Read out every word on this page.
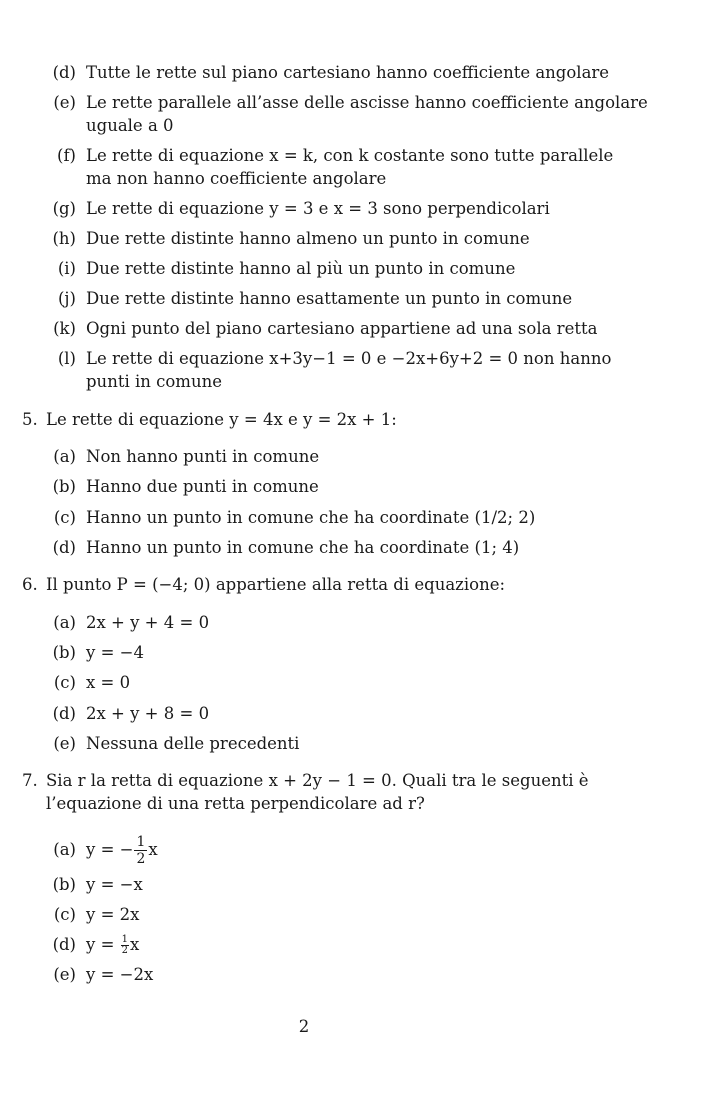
(d) Tutte le rette sul piano cartesiano hanno coefficiente angolare
(e) Le rette parallele all’asse delle ascisse hanno coefficiente angolare
uguale a 0
(f) Le rette di equazione x = k, con k costante sono tutte parallele
ma non hanno coefficiente angolare
(g) Le rette di equazione y = 3 e x = 3 sono perpendicolari
(h) Due rette distinte hanno almeno un punto in comune
(i) Due rette distinte hanno al più un punto in comune
(j) Due rette distinte hanno esattamente un punto in comune
(k) Ogni punto del piano cartesiano appartiene ad una sola retta
(l) Le rette di equazione x+3y−1 = 0 e −2x+6y+2 = 0 non hanno
punti in comune
5. Le rette di equazione y = 4x e y = 2x + 1:
(a) Non hanno punti in comune
(b) Hanno due punti in comune
(c) Hanno un punto in comune che ha coordinate (1/2; 2)
(d) Hanno un punto in comune che ha coordinate (1; 4)
6. Il punto P = (−4; 0) appartiene alla retta di equazione:
(a) 2x + y + 4 = 0
(b) y = −4
(c) x = 0
(d) 2x + y + 8 = 0
(e) Nessuna delle precedenti
7. Sia r la retta di equazione x + 2y − 1 = 0. Quali tra le seguenti è
l’equazione di una retta perpendicolare ad r?
(a) y = − $\frac{1}{2}$ x
(b) y = −x
(c) y = 2x
(d) $y = \frac{1}{2}$ x
(e) y = −2x
2
